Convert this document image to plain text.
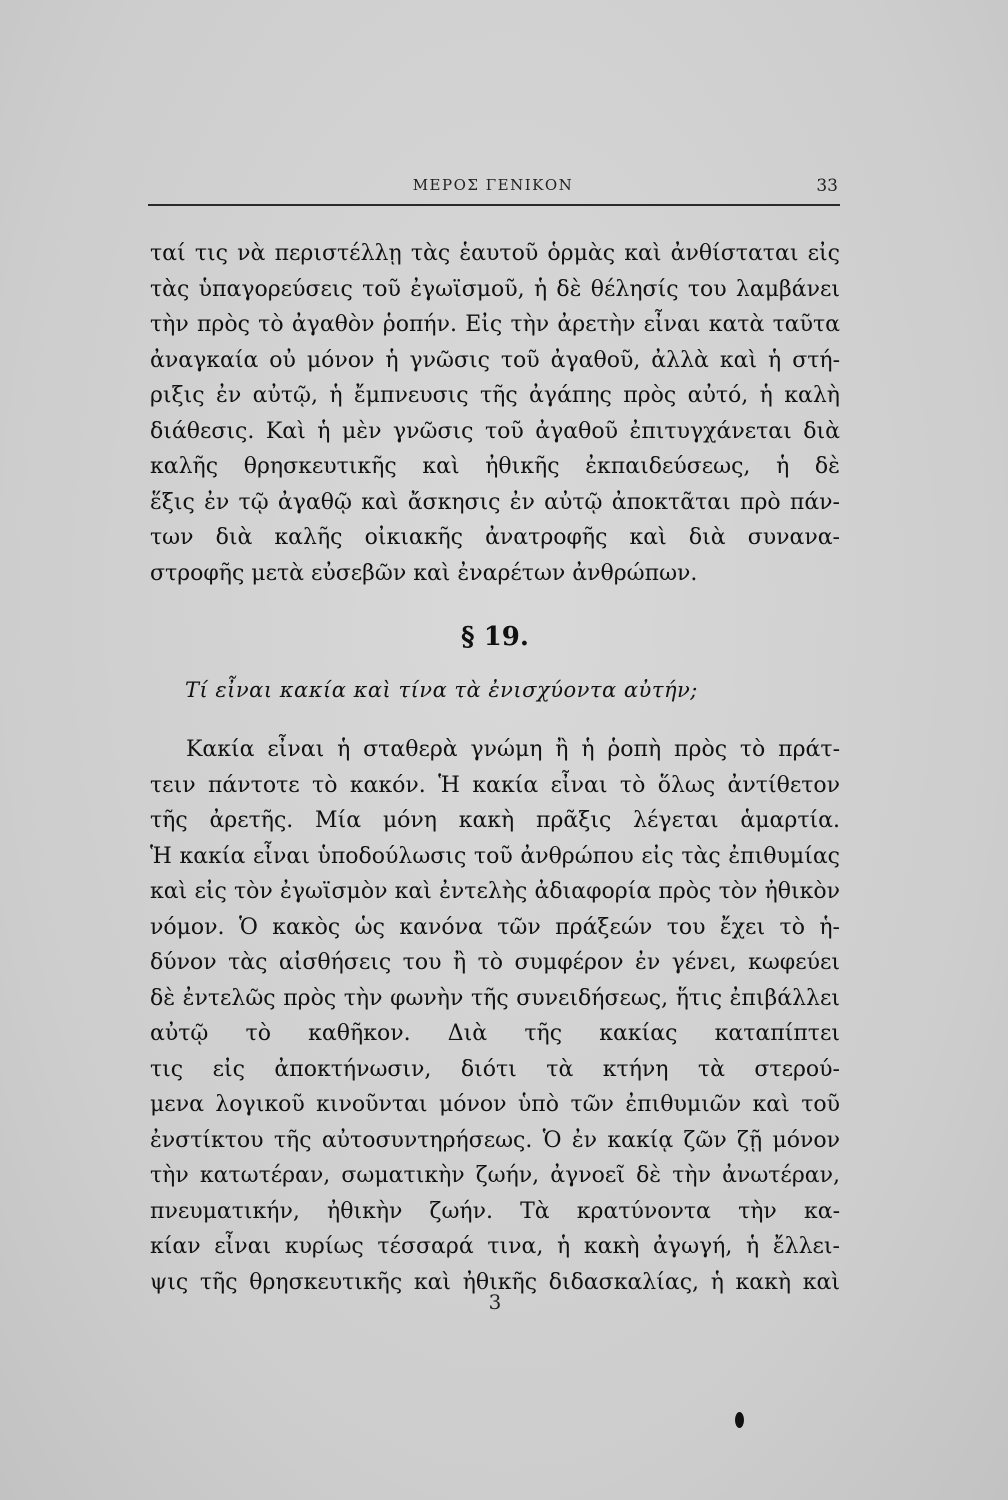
ΜΕΡΟΣ ΓΕΝΙΚΟΝ	33
ταί τις νὰ περιστέλλῃ τὰς ἑαυτοῦ ὁρμὰς καὶ ἀνθίσταται εἰς
τὰς ὑπαγορεύσεις τοῦ ἐγωϊσμοῦ, ἡ δὲ θέλησίς του λαμβάνει
τὴν πρὸς τὸ ἀγαθὸν ῥοπήν. Εἰς τὴν ἀρετὴν εἶναι κατὰ ταῦτα
ἀναγκαία οὐ μόνον ἡ γνῶσις τοῦ ἀγαθοῦ, ἀλλὰ καὶ ἡ στή-
ριξις ἐν αὐτῷ, ἡ ἔμπνευσις τῆς ἀγάπης πρὸς αὐτό, ἡ καλὴ
διάθεσις. Καὶ ἡ μὲν γνῶσις τοῦ ἀγαθοῦ ἐπιτυγχάνεται διὰ
καλῆς θρησκευτικῆς καὶ ἠθικῆς ἐκπαιδεύσεως, ἡ δὲ
ἕξις ἐν τῷ ἀγαθῷ καὶ ἄσκησις ἐν αὐτῷ ἀποκτᾶται πρὸ πάν-
των διὰ καλῆς οἰκιακῆς ἀνατροφῆς καὶ διὰ συνανα-
στροφῆς μετὰ εὐσεβῶν καὶ ἐναρέτων ἀνθρώπων.
§ 19.
Τί εἶναι κακία καὶ τίνα τὰ ἐνισχύοντα αὐτήν;
Κακία εἶναι ἡ σταθερὰ γνώμη ἢ ἡ ῥοπὴ πρὸς τὸ πράτ-
τειν πάντοτε τὸ κακόν. Ἡ κακία εἶναι τὸ ὅλως ἀντίθετον
τῆς ἀρετῆς. Μία μόνη κακὴ πρᾶξις λέγεται ἁμαρτία.
Ἡ κακία εἶναι ὑποδούλωσις τοῦ ἀνθρώπου εἰς τὰς ἐπιθυμίας
καὶ εἰς τὸν ἐγωϊσμὸν καὶ ἐντελὴς ἀδιαφορία πρὸς τὸν ἠθικὸν
νόμον. Ὁ κακὸς ὡς κανόνα τῶν πράξεών του ἔχει τὸ ἡ-
δύνον τὰς αἰσθήσεις του ἢ τὸ συμφέρον ἐν γένει, κωφεύει
δὲ ἐντελῶς πρὸς τὴν φωνὴν τῆς συνειδήσεως, ἥτις ἐπιβάλλει
αὐτῷ τὸ καθῆκον. Διὰ τῆς κακίας καταπίπτει
τις εἰς ἀποκτήνωσιν, διότι τὰ κτήνη τὰ στερού-
μενα λογικοῦ κινοῦνται μόνον ὑπὸ τῶν ἐπιθυμιῶν καὶ τοῦ
ἐνστίκτου τῆς αὐτοσυντηρήσεως. Ὁ ἐν κακίᾳ ζῶν ζῇ μόνον
τὴν κατωτέραν, σωματικὴν ζωήν, ἀγνοεῖ δὲ τὴν ἀνωτέραν,
πνευματικήν, ἠθικὴν ζωήν. Τὰ κρατύνοντα τὴν κα-
κίαν εἶναι κυρίως τέσσαρά τινα, ἡ κακὴ ἀγωγή, ἡ ἔλλει-
ψις τῆς θρησκευτικῆς καὶ ἠθικῆς διδασκαλίας, ἡ κακὴ καὶ
3
